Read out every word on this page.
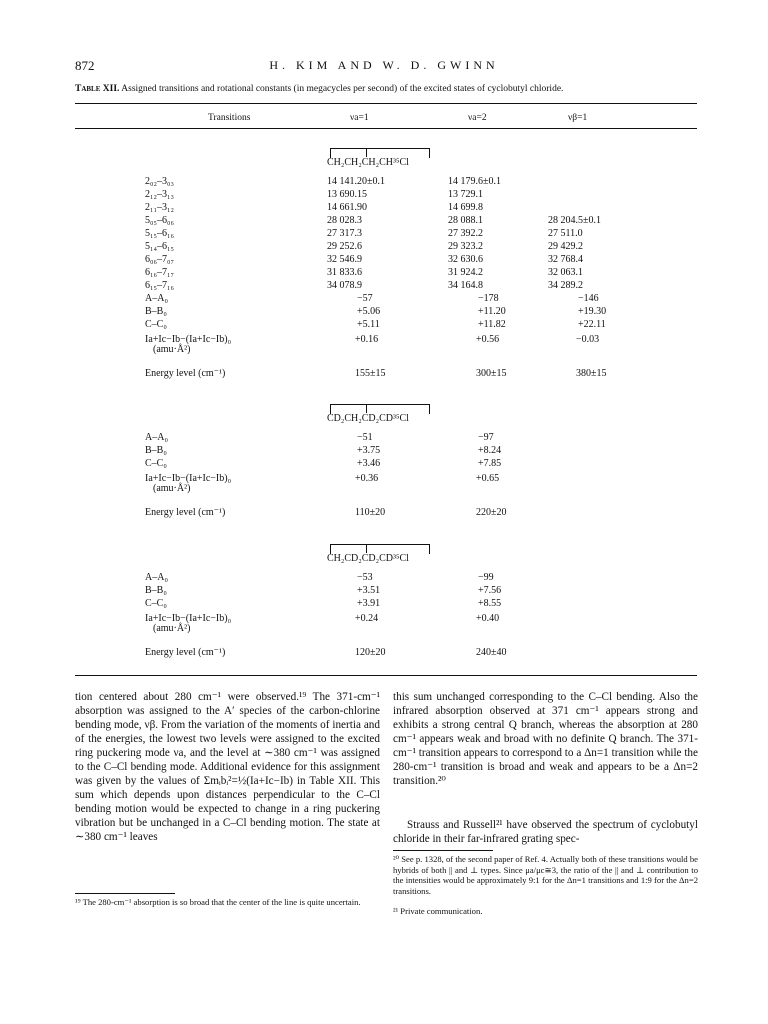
872	H. KIM AND W. D. GWINN
Table XII. Assigned transitions and rotational constants (in megacycles per second) of the excited states of cyclobutyl chloride.
Transitions	νa=1	νa=2	νβ=1
CH₂CH₂CH₂CH³⁵Cl
2₀₂–3₀₃	14 141.20±0.1	14 179.6±0.1
2₁₂–3₁₃	13 690.15	13 729.1
2₁₁–3₁₂	14 661.90	14 699.8
5₀₅–6₀₆	28 028.3	28 088.1	28 204.5±0.1
5₁₅–6₁₆	27 317.3	27 392.2	27 511.0
5₁₄–6₁₅	29 252.6	29 323.2	29 429.2
6₀₆–7₀₇	32 546.9	32 630.6	32 768.4
6₁₆–7₁₇	31 833.6	31 924.2	32 063.1
6₁₅–7₁₆	34 078.9	34 164.8	34 289.2
A–A₀	−57	−178	−146
B–B₀	+5.06	+11.20	+19.30
C–C₀	+5.11	+11.82	+22.11
Ia+Ic−Ib−(Ia+Ic−Ib)₀	+0.16	+0.56	−0.03
(amu·Å²)
Energy level (cm⁻¹)	155±15	300±15	380±15
CD₂CH₂CD₂CD³⁵Cl
A–A₀	−51	−97
B–B₀	+3.75	+8.24
C–C₀	+3.46	+7.85
Ia+Ic−Ib−(Ia+Ic−Ib)₀	+0.36	+0.65
(amu·Å²)
Energy level (cm⁻¹)	110±20	220±20
CH₂CD₂CD₂CD³⁵Cl
A–A₀	−53	−99
B–B₀	+3.51	+7.56
C–C₀	+3.91	+8.55
Ia+Ic−Ib−(Ia+Ic−Ib)₀	+0.24	+0.40
(amu·Å²)
Energy level (cm⁻¹)	120±20	240±40
tion centered about 280 cm⁻¹ were observed.¹⁹ The 371-cm⁻¹ absorption was assigned to the A′ species of the carbon-chlorine bending mode, νβ. From the variation of the moments of inertia and of the energies, the lowest two levels were assigned to the excited ring puckering mode νa, and the level at ∼380 cm⁻¹ was assigned to the C–Cl bending mode. Additional evidence for this assignment was given by the values of Σmᵢbᵢ²=½(Ia+Ic−Ib) in Table XII. This sum which depends upon distances perpendicular to the C–Cl bending motion would be expected to change in a ring puckering vibration but be unchanged in a C–Cl bending motion. The state at ∼380 cm⁻¹ leaves
¹⁹ The 280-cm⁻¹ absorption is so broad that the center of the line is quite uncertain.
this sum unchanged corresponding to the C–Cl bending. Also the infrared absorption observed at 371 cm⁻¹ appears strong and exhibits a strong central Q branch, whereas the absorption at 280 cm⁻¹ appears weak and broad with no definite Q branch. The 371-cm⁻¹ transition appears to correspond to a Δn=1 transition while the 280-cm⁻¹ transition is broad and weak and appears to be a Δn=2 transition.²⁰
Strauss and Russell²¹ have observed the spectrum of cyclobutyl chloride in their far-infrared grating spec-
²⁰ See p. 1328, of the second paper of Ref. 4. Actually both of these transitions would be hybrids of both || and ⊥ types. Since μa/μc≅3, the ratio of the || and ⊥ contribution to the intensities would be approximately 9:1 for the Δn=1 transitions and 1:9 for the Δn=2 transitions.
²¹ Private communication.
